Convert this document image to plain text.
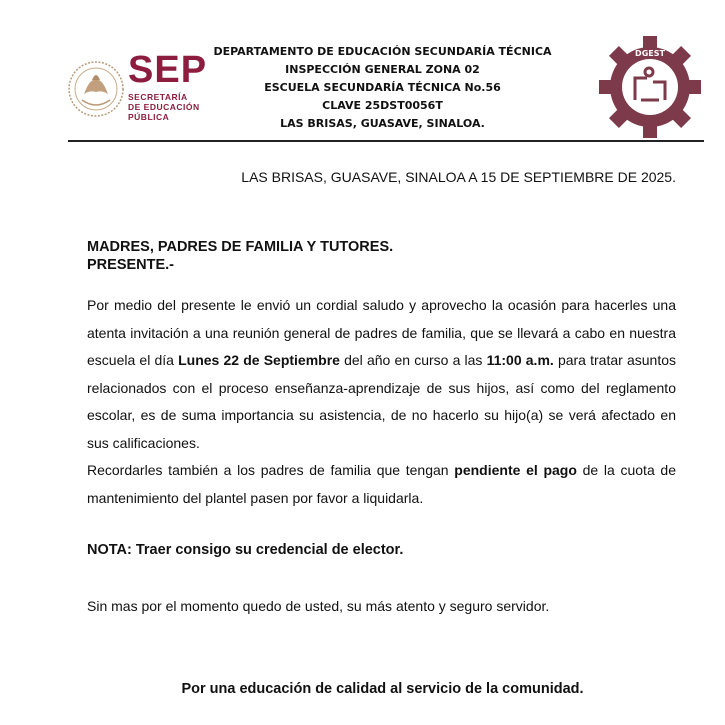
SEP
SECRETARÍA
DE EDUCACIÓN
PÚBLICA
DEPARTAMENTO DE EDUCACIÓN SECUNDARÍA TÉCNICA
INSPECCIÓN GENERAL ZONA 02
ESCUELA SECUNDARÍA TÉCNICA No.56
CLAVE 25DST0056T
LAS BRISAS, GUASAVE, SINALOA.
DGEST
LAS BRISAS, GUASAVE, SINALOA A 15 DE SEPTIEMBRE DE 2025.
MADRES, PADRES DE FAMILIA Y TUTORES.
PRESENTE.-

Por medio del presente le envió un cordial saludo y aprovecho la ocasión para hacerles una atenta invitación a una reunión general de padres de familia, que se llevará a cabo en nuestra escuela el día Lunes 22 de Septiembre del año en curso a las 11:00 a.m. para tratar asuntos relacionados con el proceso enseñanza-aprendizaje de sus hijos, así como del reglamento escolar, es de suma importancia su asistencia, de no hacerlo su hijo(a) se verá afectado en sus calificaciones.

Recordarles también a los padres de familia que tengan pendiente el pago de la cuota de mantenimiento del plantel pasen por favor a liquidarla.

NOTA: Traer consigo su credencial de elector.
Sin mas por el momento quedo de usted, su más atento y seguro servidor.
Por una educación de calidad al servicio de la comunidad.
